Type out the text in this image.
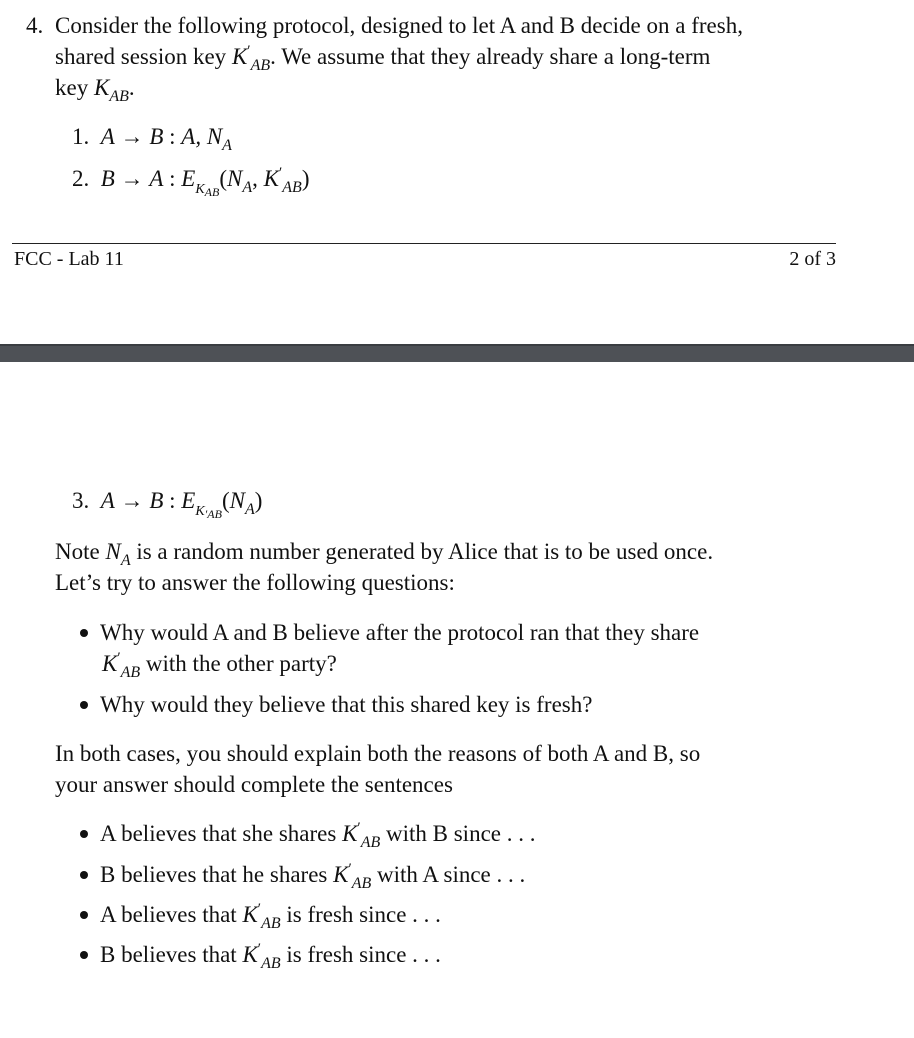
4. Consider the following protocol, designed to let A and B decide on a fresh,
shared session key $K'_{AB}$. We assume that they already share a long-term
key $K_{AB}$.
1.  A → B : A, $N_A$
2.  B → A : $E_{KAB}(N_A$, $K'_{AB}$)
FCC - Lab 11	2 of 3
3.  A → B : $E_{K'AB}(N_A)$
Note $N_A$ is a random number generated by Alice that is to be used once.
Let’s try to answer the following questions:
Why would A and B believe after the protocol ran that they share
$K'_{AB}$ with the other party?
Why would they believe that this shared key is fresh?
In both cases, you should explain both the reasons of both A and B, so
your answer should complete the sentences
A believes that she shares $K'_{AB}$ with B since . . .
B believes that he shares $K'_{AB}$ with A since . . .
A believes that $K'_{AB}$ is fresh since . . .
B believes that $K'_{AB}$ is fresh since . . .
